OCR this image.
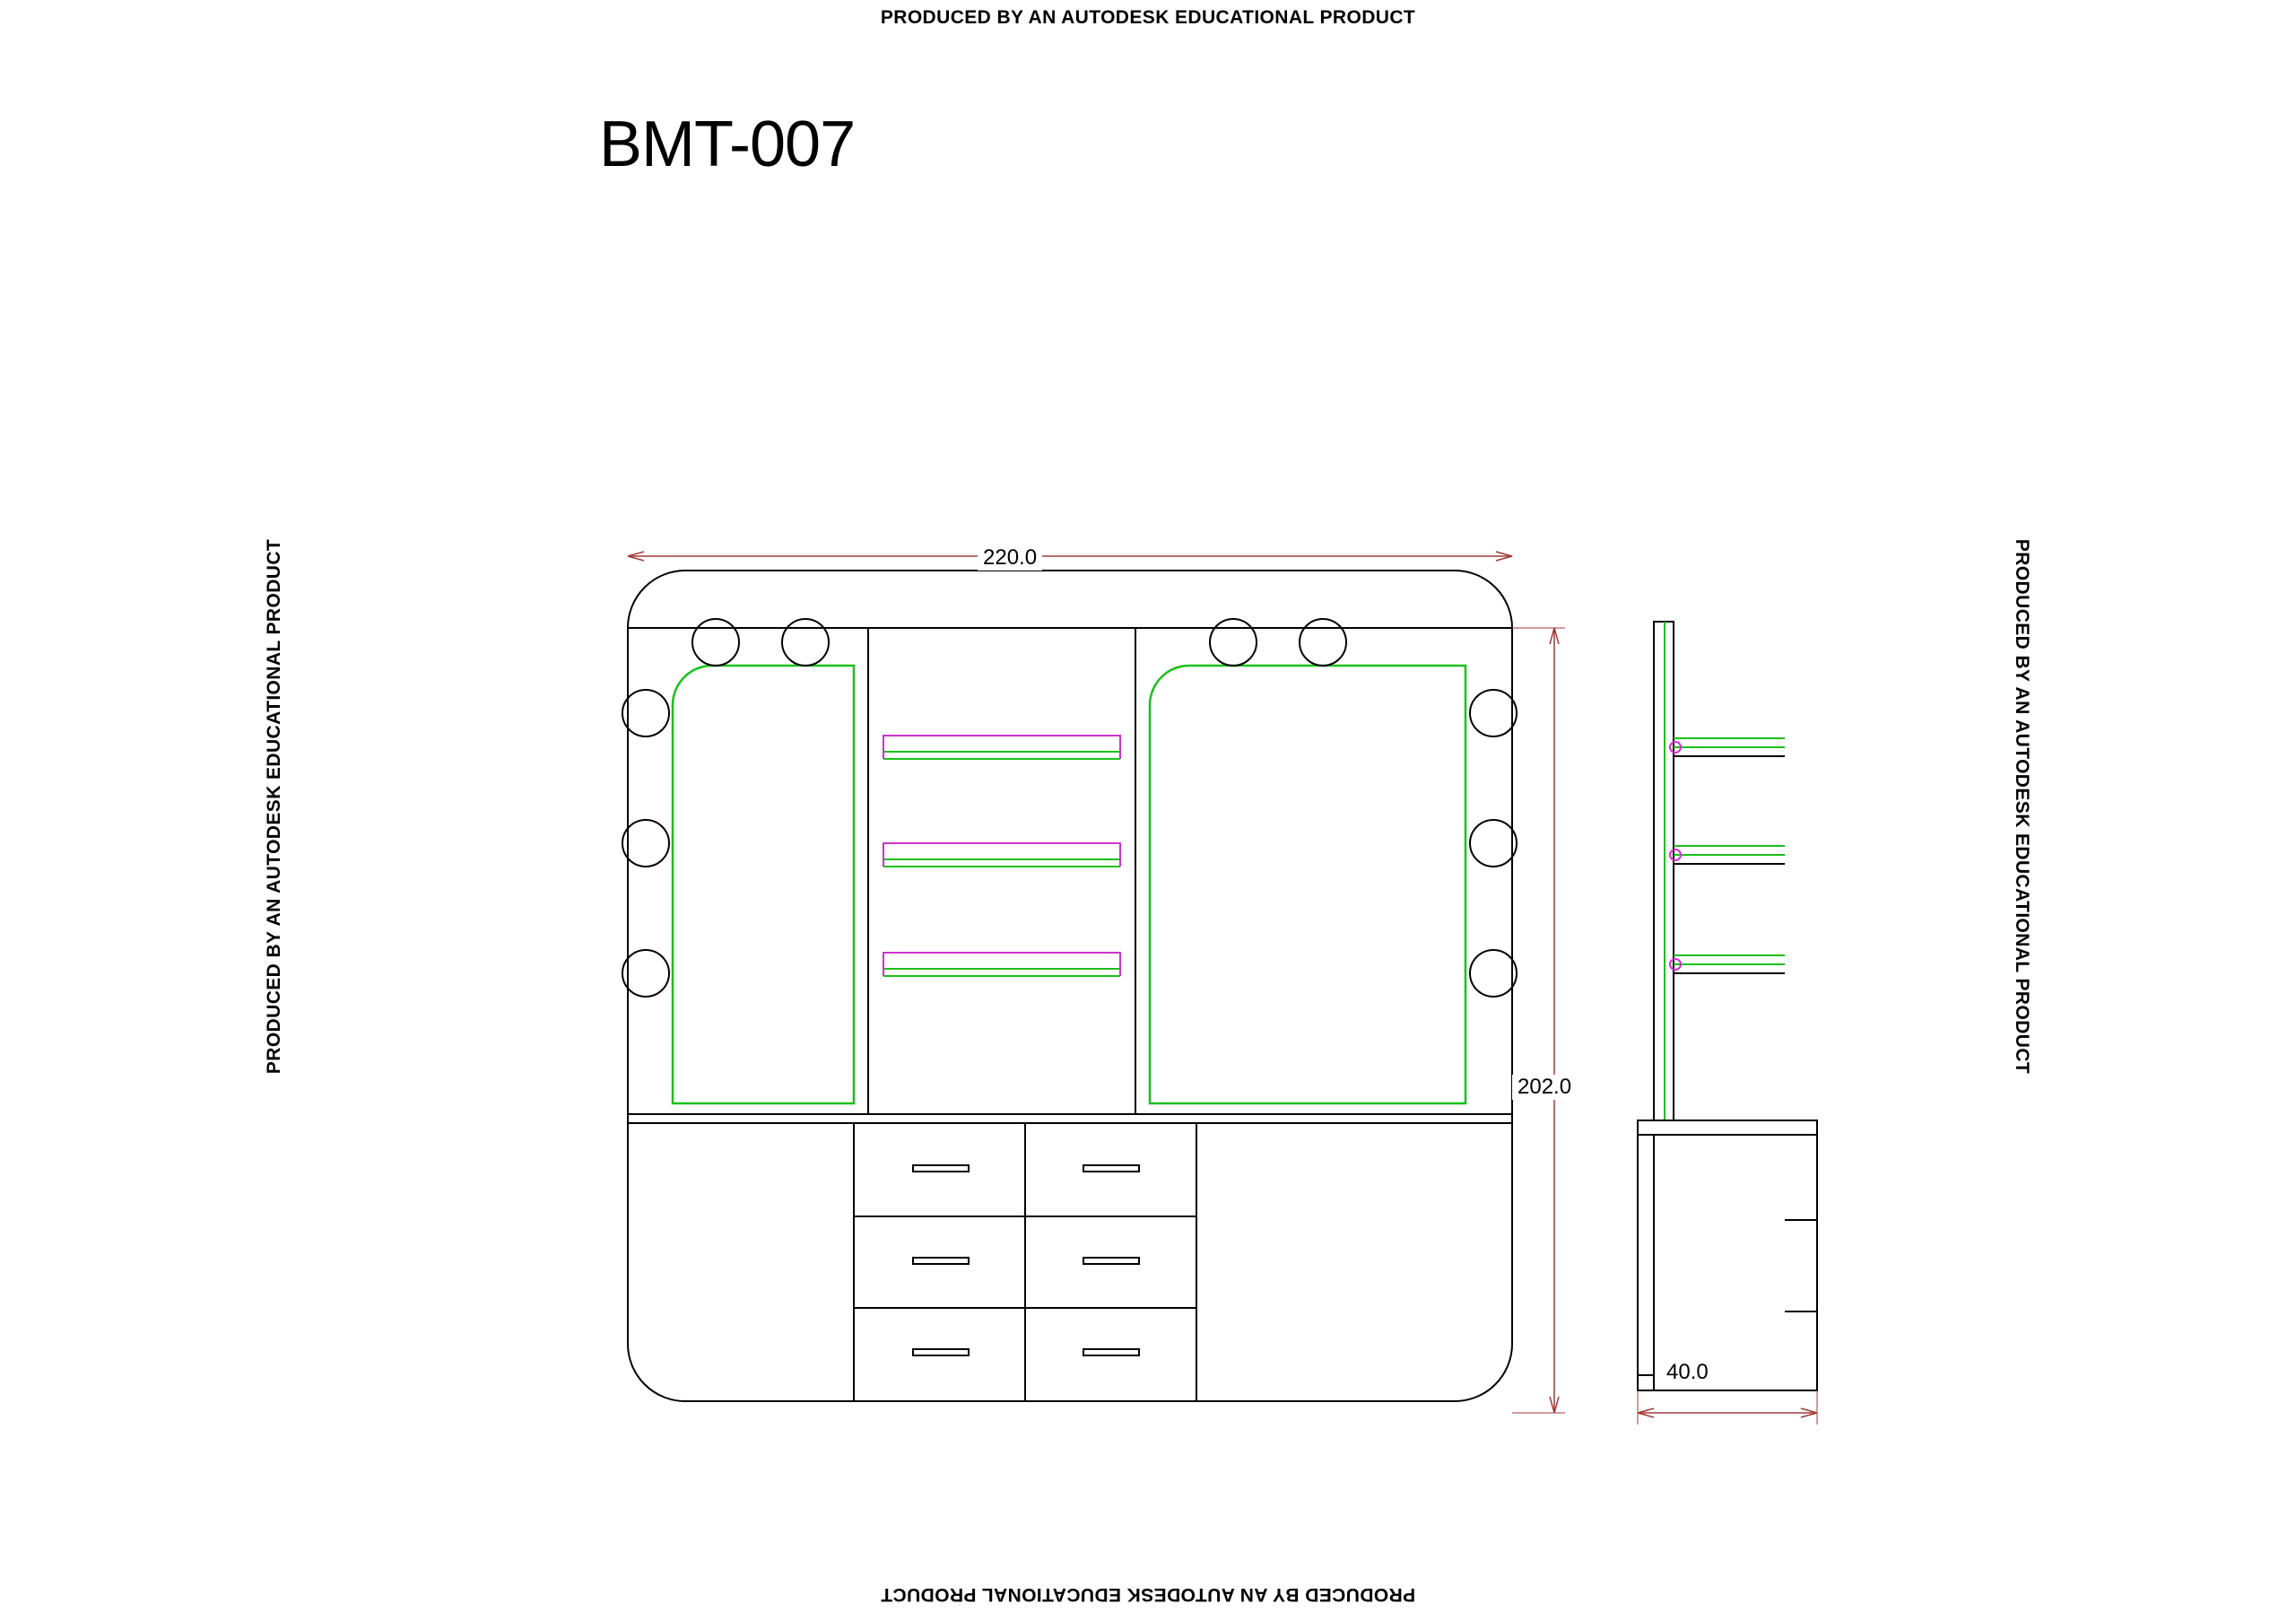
PRODUCED BY AN AUTODESK EDUCATIONAL PRODUCT
PRODUCED BY AN AUTODESK EDUCATIONAL PRODUCT
PRODUCED BY AN AUTODESK EDUCATIONAL PRODUCT	PRODUCED BY AN AUTODESK EDUCATIONAL PRODUCT
BMT-007
220.0
202.0
40.0
